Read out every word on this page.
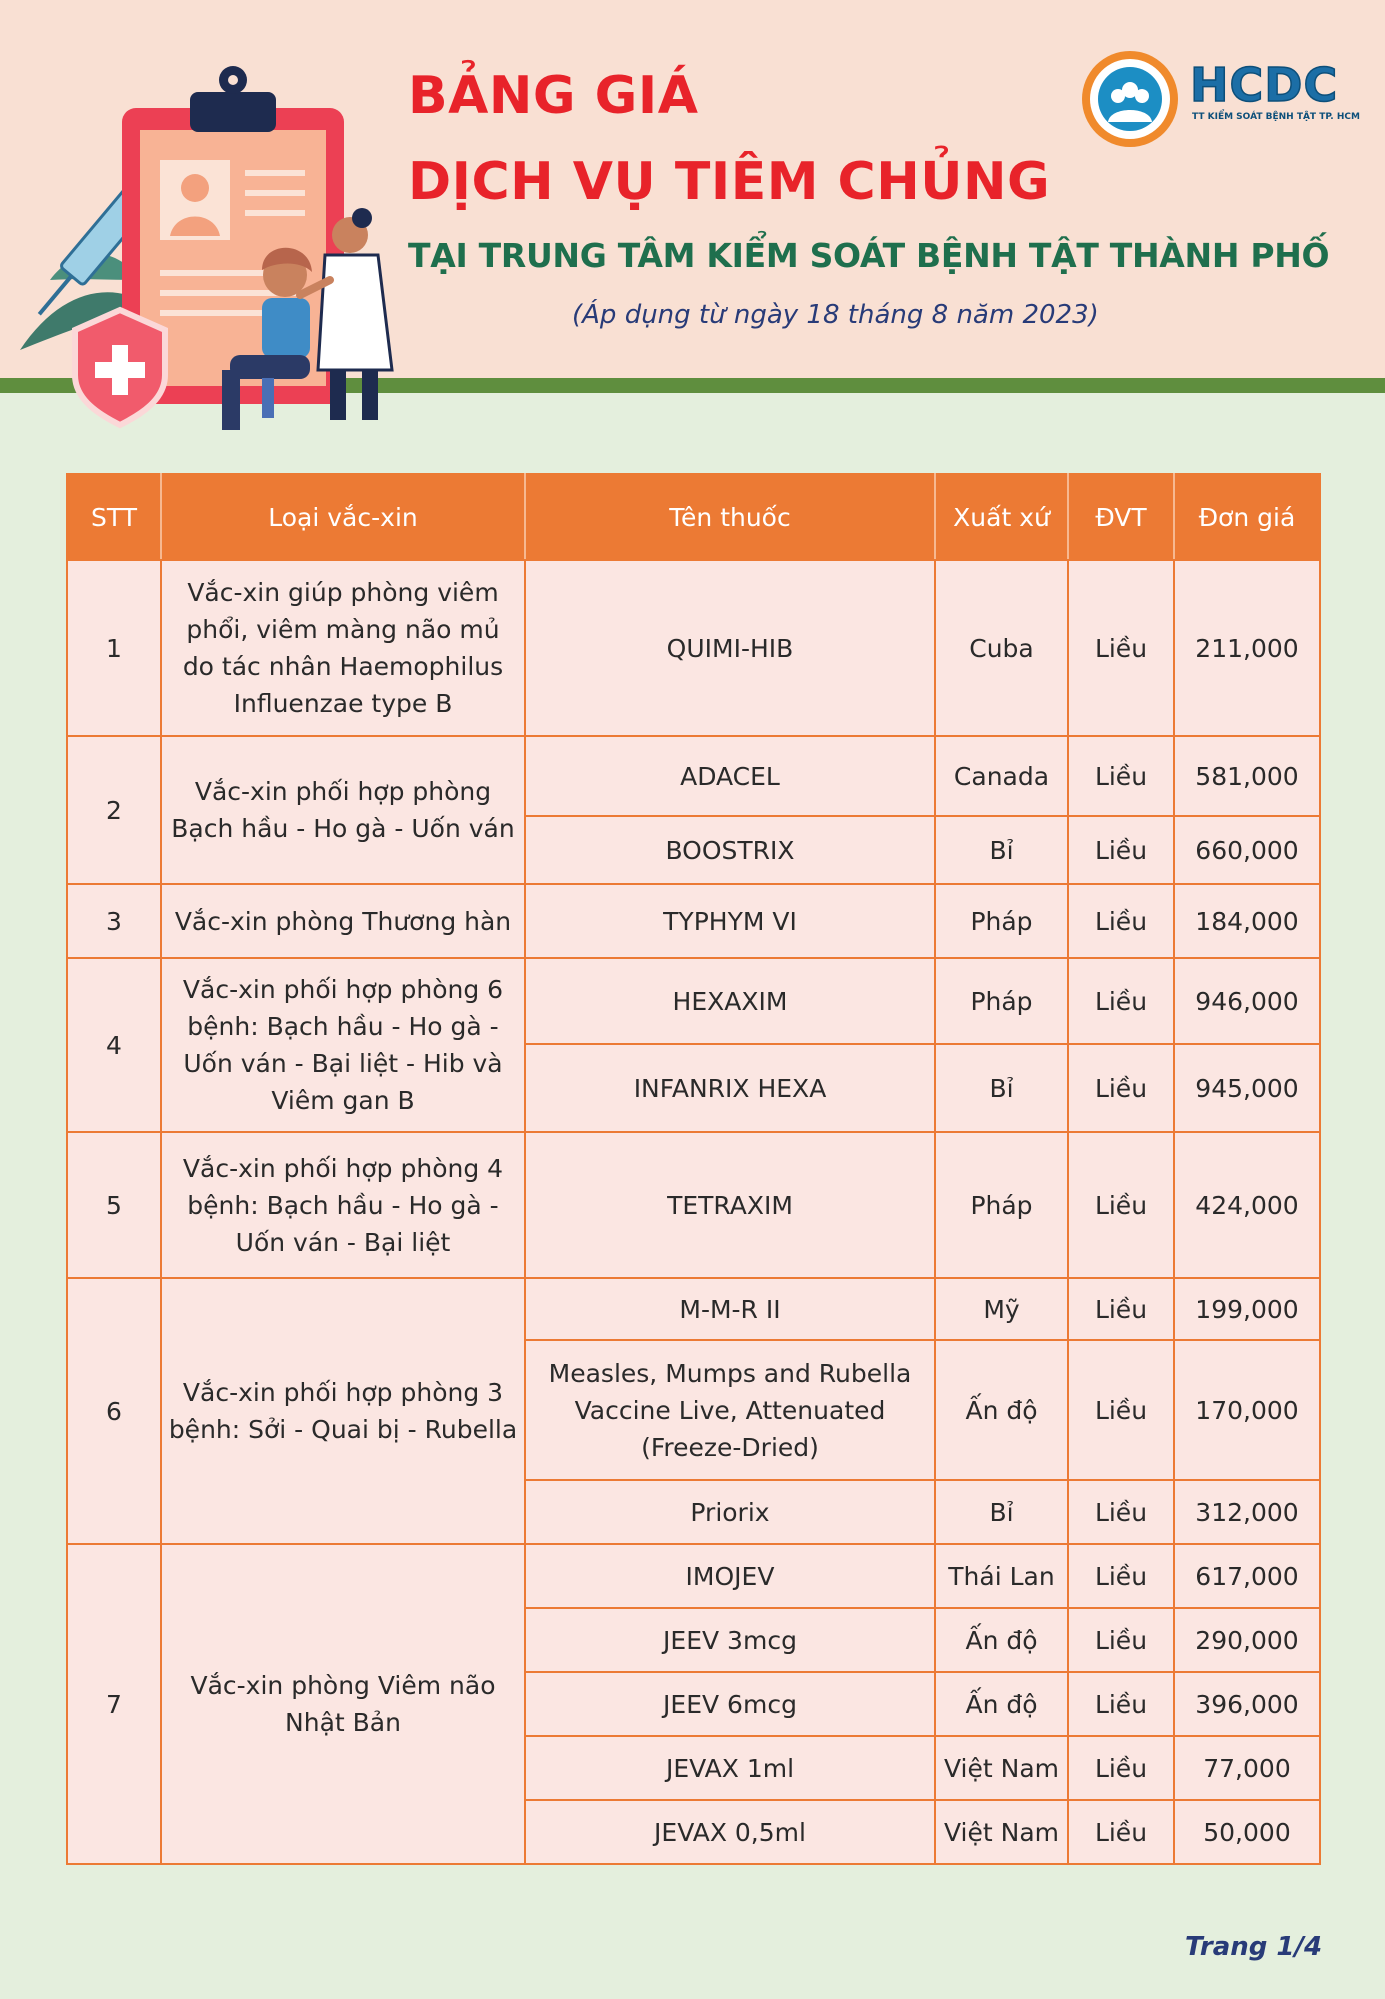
BẢNG GIÁ
DỊCH VỤ TIÊM CHỦNG
TẠI TRUNG TÂM KIỂM SOÁT BỆNH TẬT THÀNH PHỐ

(Áp dụng từ ngày 18 tháng 8 năm 2023)

HCDC
TT KIỂM SOÁT BỆNH TẬT TP. HCM
STT	Loại vắc-xin	Tên thuốc	Xuất xứ	ĐVT	Đơn giá
1	Vắc-xin giúp phòng viêm phổi, viêm màng não mủ do tác nhân Haemophilus Influenzae type B	QUIMI-HIB	Cuba	Liều	211,000
2	Vắc-xin phối hợp phòng Bạch hầu - Ho gà - Uốn ván	ADACEL	Canada	Liều	581,000
		BOOSTRIX	Bỉ	Liều	660,000
3	Vắc-xin phòng Thương hàn	TYPHYM VI	Pháp	Liều	184,000
4	Vắc-xin phối hợp phòng 6 bệnh: Bạch hầu - Ho gà - Uốn ván - Bại liệt - Hib và Viêm gan B	HEXAXIM	Pháp	Liều	946,000
		INFANRIX HEXA	Bỉ	Liều	945,000
5	Vắc-xin phối hợp phòng 4 bệnh: Bạch hầu - Ho gà - Uốn ván - Bại liệt	TETRAXIM	Pháp	Liều	424,000
6	Vắc-xin phối hợp phòng 3 bệnh: Sởi - Quai bị - Rubella	M-M-R II	Mỹ	Liều	199,000
		Measles, Mumps and Rubella Vaccine Live, Attenuated (Freeze-Dried)	Ấn độ	Liều	170,000
		Priorix	Bỉ	Liều	312,000
7	Vắc-xin phòng Viêm não Nhật Bản	IMOJEV	Thái Lan	Liều	617,000
		JEEV 3mcg	Ấn độ	Liều	290,000
		JEEV 6mcg	Ấn độ	Liều	396,000
		JEVAX 1ml	Việt Nam	Liều	77,000
		JEVAX 0,5ml	Việt Nam	Liều	50,000

Trang 1/4
